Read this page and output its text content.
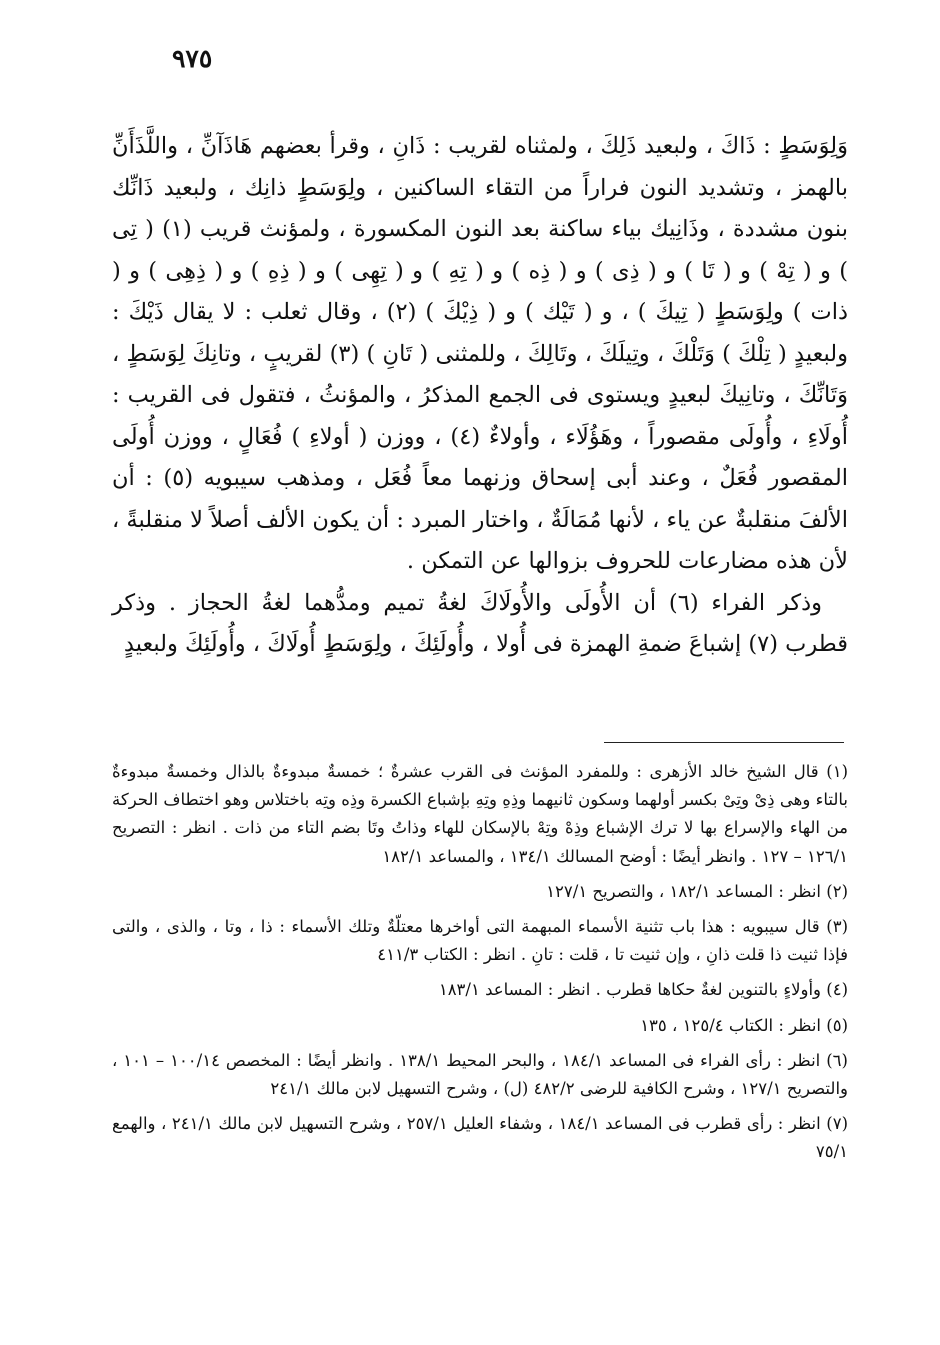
٩٧٥

وَلِوَسَطٍ : ذَاكَ ، ولبعيد ذَلِكَ ، ولمثناه لقريب : ذَانِ ، وقرأ بعضهم هَاذَآنِّ ، واللَّذَأَنِّ بالهمز ، وتشديد النون فراراً من التقاء الساكنين ، ولِوَسَطٍ ذانِك ، ولبعيد ذَانِّك بنون مشددة ، وذَانِيك بياء ساكنة بعد النون المكسورة ، ولمؤنث قريب (١) ( تِى ) و ( تِهْ ) و ( تَا ) و ( ذِى ) و ( ذِه ) و ( تِهِ ) و ( تِهِى ) و ( ذِهِ ) و ( ذِهِى ) و ( ذات ) ولِوَسَطٍ ( تِيكَ ) ، و ( تَيْك ) و ( ذِيْكَ ) (٢) ، وقال ثعلب : لا يقال ذَيْكَ : ولبعيدٍ ( تِلْكَ ) وَتَلْكَ ، وتِيلَكَ ، وتَالِكَ ، وللمثنى ( تَانِ ) (٣) لقريبٍ ، وتانِكَ لِوَسَطٍ ، وَتَانِّكَ ، وتانِيكَ لبعيدٍ ويستوى فى الجمع المذكرُ ، والمؤنثُ ، فتقول فى القريب : أُولَاءِ ، وأُولَى مقصوراً ، وهَؤُلَاء ، وأولاءٌ (٤) ، ووزن ( أولاءِ ) فُعَالٍ ، ووزن أُولَى المقصور فُعَلٌ ، وعند أبى إسحاق وزنهما معاً فُعَل ، ومذهب سيبويه (٥) : أن الألفَ منقلبةٌ عن ياء ، لأنها مُمَالَةٌ ، واختار المبرد : أن يكون الألف أصلاً لا منقلبةً ، لأن هذه مضارعات للحروف بزوالها عن التمكن .

وذكر الفراء (٦) أن الأُولَى والأُولَاكَ لغةُ تميم ومدُّهما لغةُ الحجاز . وذكر قطرب (٧) إشباعَ ضمةِ الهمزة فى أُولا ، وأُولَئِكَ ، ولِوَسَطٍ أُولَاكَ ، وأُولَئِكَ ولبعيدٍ

(١) قال الشيخ خالد الأزهرى : وللمفرد المؤنث فى القرب عشرةٌ ؛ خمسةٌ مبدوءةٌ بالذال وخمسةٌ مبدوءةٌ بالتاء وهى ذِىْ وتِىْ بكسر أولهما وسكون ثانيهما وذِهِ وتِهِ بإشباع الكسرة وذِه وتِه باختلاس وهو اختطاف الحركة من الهاء والإسراع بها لا ترك الإشباع وذِهْ وتِهْ بالإسكان للهاء وذاتُ وتَا بضم التاء من ذات . انظر : التصريح ١٢٦/١ – ١٢٧ . وانظر أيضًا : أوضح المسالك ١٣٤/١ ، والمساعد ١٨٢/١

(٢) انظر : المساعد ١٨٢/١ ، والتصريح ١٢٧/١

(٣) قال سيبويه : هذا باب تثنية الأسماء المبهمة التى أواخرها معتلّةٌ وتلك الأسماء : ذا ، وتا ، والذى ، والتى فإذا ثنيت ذا قلت ذانِ ، وإن ثنيت تا ، قلت : تانِ . انظر : الكتاب ٤١١/٣

(٤) وأولاءٍ بالتنوين لغةٌ حكاها قطرب . انظر : المساعد ١٨٣/١

(٥) انظر : الكتاب ١٢٥/٤ ، ١٣٥

(٦) انظر : رأى الفراء فى المساعد ١٨٤/١ ، والبحر المحيط ١٣٨/١ . وانظر أيضًا : المخصص ١٠٠/١٤ – ١٠١ ، والتصريح ١٢٧/١ ، وشرح الكافية للرضى ٤٨٢/٢ (ل) ، وشرح التسهيل لابن مالك ٢٤١/١

(٧) انظر : رأى قطرب فى المساعد ١٨٤/١ ، وشفاء العليل ٢٥٧/١ ، وشرح التسهيل لابن مالك ٢٤١/١ ، والهمع ٧٥/١
